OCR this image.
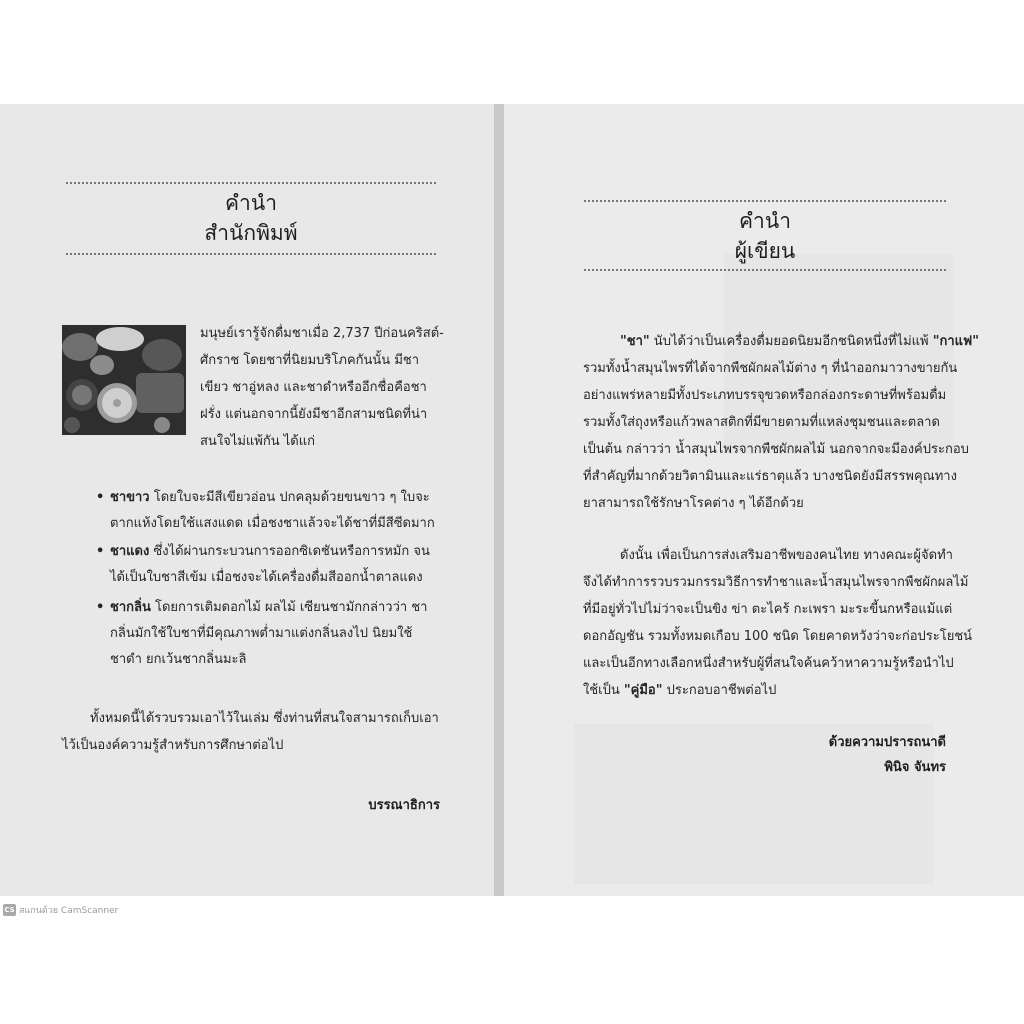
คำนำ
สำนักพิมพ์
มนุษย์เรารู้จักดื่มชาเมื่อ 2,737 ปีก่อนคริสต์-
ศักราช โดยชาที่นิยมบริโภคกันนั้น มีชา
เขียว ชาอู่หลง และชาดำหรืออีกชื่อคือชา
ฝรั่ง แต่นอกจากนี้ยังมีชาอีกสามชนิดที่น่า
สนใจไม่แพ้กัน ได้แก่
• ชาขาว โดยใบจะมีสีเขียวอ่อน ปกคลุมด้วยขนขาว ๆ ใบจะ
ตากแห้งโดยใช้แสงแดด เมื่อชงชาแล้วจะได้ชาที่มีสีซีดมาก
• ชาแดง ซึ่งได้ผ่านกระบวนการออกซิเดชันหรือการหมัก จน
ได้เป็นใบชาสีเข้ม เมื่อชงจะได้เครื่องดื่มสีออกน้ำตาลแดง
• ชากลิ่น โดยการเติมดอกไม้ ผลไม้ เซียนชามักกล่าวว่า ชา
กลิ่นมักใช้ใบชาที่มีคุณภาพต่ำมาแต่งกลิ่นลงไป นิยมใช้
ชาดำ ยกเว้นชากลิ่นมะลิ
ทั้งหมดนี้ได้รวบรวมเอาไว้ในเล่ม ซึ่งท่านที่สนใจสามารถเก็บเอา
ไว้เป็นองค์ความรู้สำหรับการศึกษาต่อไป
บรรณาธิการ
คำนำ
ผู้เขียน
"ชา" นับได้ว่าเป็นเครื่องดื่มยอดนิยมอีกชนิดหนึ่งที่ไม่แพ้ "กาแฟ"
รวมทั้งน้ำสมุนไพรที่ได้จากพืชผักผลไม้ต่าง ๆ ที่นำออกมาวางขายกัน
อย่างแพร่หลายมีทั้งประเภทบรรจุขวดหรือกล่องกระดาษที่พร้อมดื่ม
รวมทั้งใส่ถุงหรือแก้วพลาสติกที่มีขายตามที่แหล่งชุมชนและตลาด
เป็นต้น กล่าวว่า น้ำสมุนไพรจากพืชผักผลไม้ นอกจากจะมีองค์ประกอบ
ที่สำคัญที่มากด้วยวิตามินและแร่ธาตุแล้ว บางชนิดยังมีสรรพคุณทาง
ยาสามารถใช้รักษาโรคต่าง ๆ ได้อีกด้วย
ดังนั้น เพื่อเป็นการส่งเสริมอาชีพของคนไทย ทางคณะผู้จัดทำ
จึงได้ทำการรวบรวมกรรมวิธีการทำชาและน้ำสมุนไพรจากพืชผักผลไม้
ที่มีอยู่ทั่วไปไม่ว่าจะเป็นขิง ข่า ตะไคร้ กะเพรา มะระขี้นกหรือแม้แต่
ดอกอัญชัน รวมทั้งหมดเกือบ 100 ชนิด โดยคาดหวังว่าจะก่อประโยชน์
และเป็นอีกทางเลือกหนึ่งสำหรับผู้ที่สนใจค้นคว้าหาความรู้หรือนำไป
ใช้เป็น "คู่มือ" ประกอบอาชีพต่อไป
ด้วยความปรารถนาดี
พินิจ จันทร
CS สแกนด้วย CamScanner
